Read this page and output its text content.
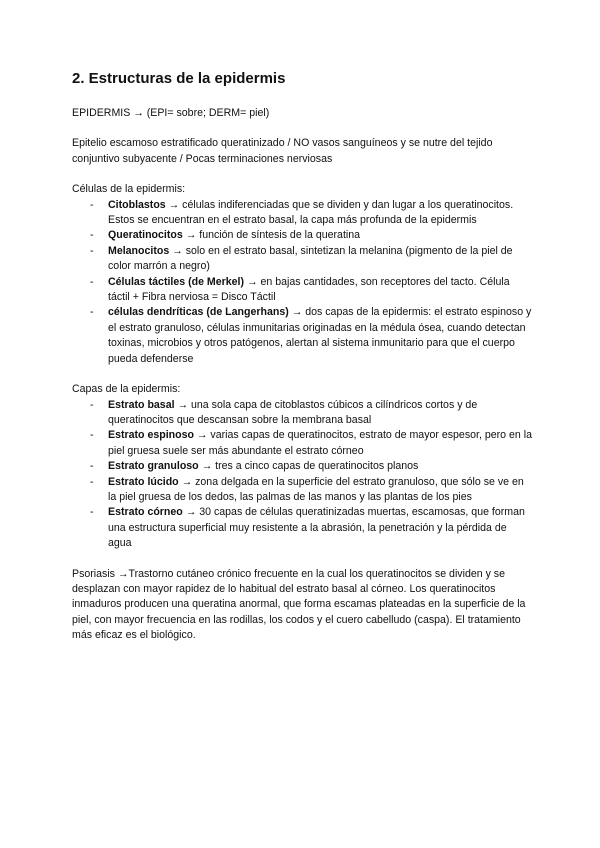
2. Estructuras de la epidermis

EPIDERMIS → (EPI= sobre; DERM= piel)

Epitelio escamoso estratificado queratinizado / NO vasos sanguíneos y se nutre del tejido conjuntivo subyacente / Pocas terminaciones nerviosas

Células de la epidermis:

- Citoblastos → células indiferenciadas que se dividen y dan lugar a los queratinocitos. Estos se encuentran en el estrato basal, la capa más profunda de la epidermis
- Queratinocitos → función de síntesis de la queratina
- Melanocitos → solo en el estrato basal, sintetizan la melanina (pigmento de la piel de color marrón a negro)
- Células táctiles (de Merkel) → en bajas cantidades, son receptores del tacto. Célula táctil + Fibra nerviosa = Disco Táctil
- células dendríticas (de Langerhans) → dos capas de la epidermis: el estrato espinoso y el estrato granuloso, células inmunitarias originadas en la médula ósea, cuando detectan toxinas, microbios y otros patógenos, alertan al sistema inmunitario para que el cuerpo pueda defenderse

Capas de la epidermis:

- Estrato basal → una sola capa de citoblastos cúbicos a cilíndricos cortos y de queratinocitos que descansan sobre la membrana basal
- Estrato espinoso → varias capas de queratinocitos, estrato de mayor espesor, pero en la piel gruesa suele ser más abundante el estrato córneo
- Estrato granuloso → tres a cinco capas de queratinocitos planos
- Estrato lúcido → zona delgada en la superficie del estrato granuloso, que sólo se ve en la piel gruesa de los dedos, las palmas de las manos y las plantas de los pies
- Estrato córneo → 30 capas de células queratinizadas muertas, escamosas, que forman una estructura superficial muy resistente a la abrasión, la penetración y la pérdida de agua

Psoriasis →Trastorno cutáneo crónico frecuente en la cual los queratinocitos se dividen y se desplazan con mayor rapidez de lo habitual del estrato basal al córneo. Los queratinocitos inmaduros producen una queratina anormal, que forma escamas plateadas en la superficie de la piel, con mayor frecuencia en las rodillas, los codos y el cuero cabelludo (caspa). El tratamiento más eficaz es el biológico.
